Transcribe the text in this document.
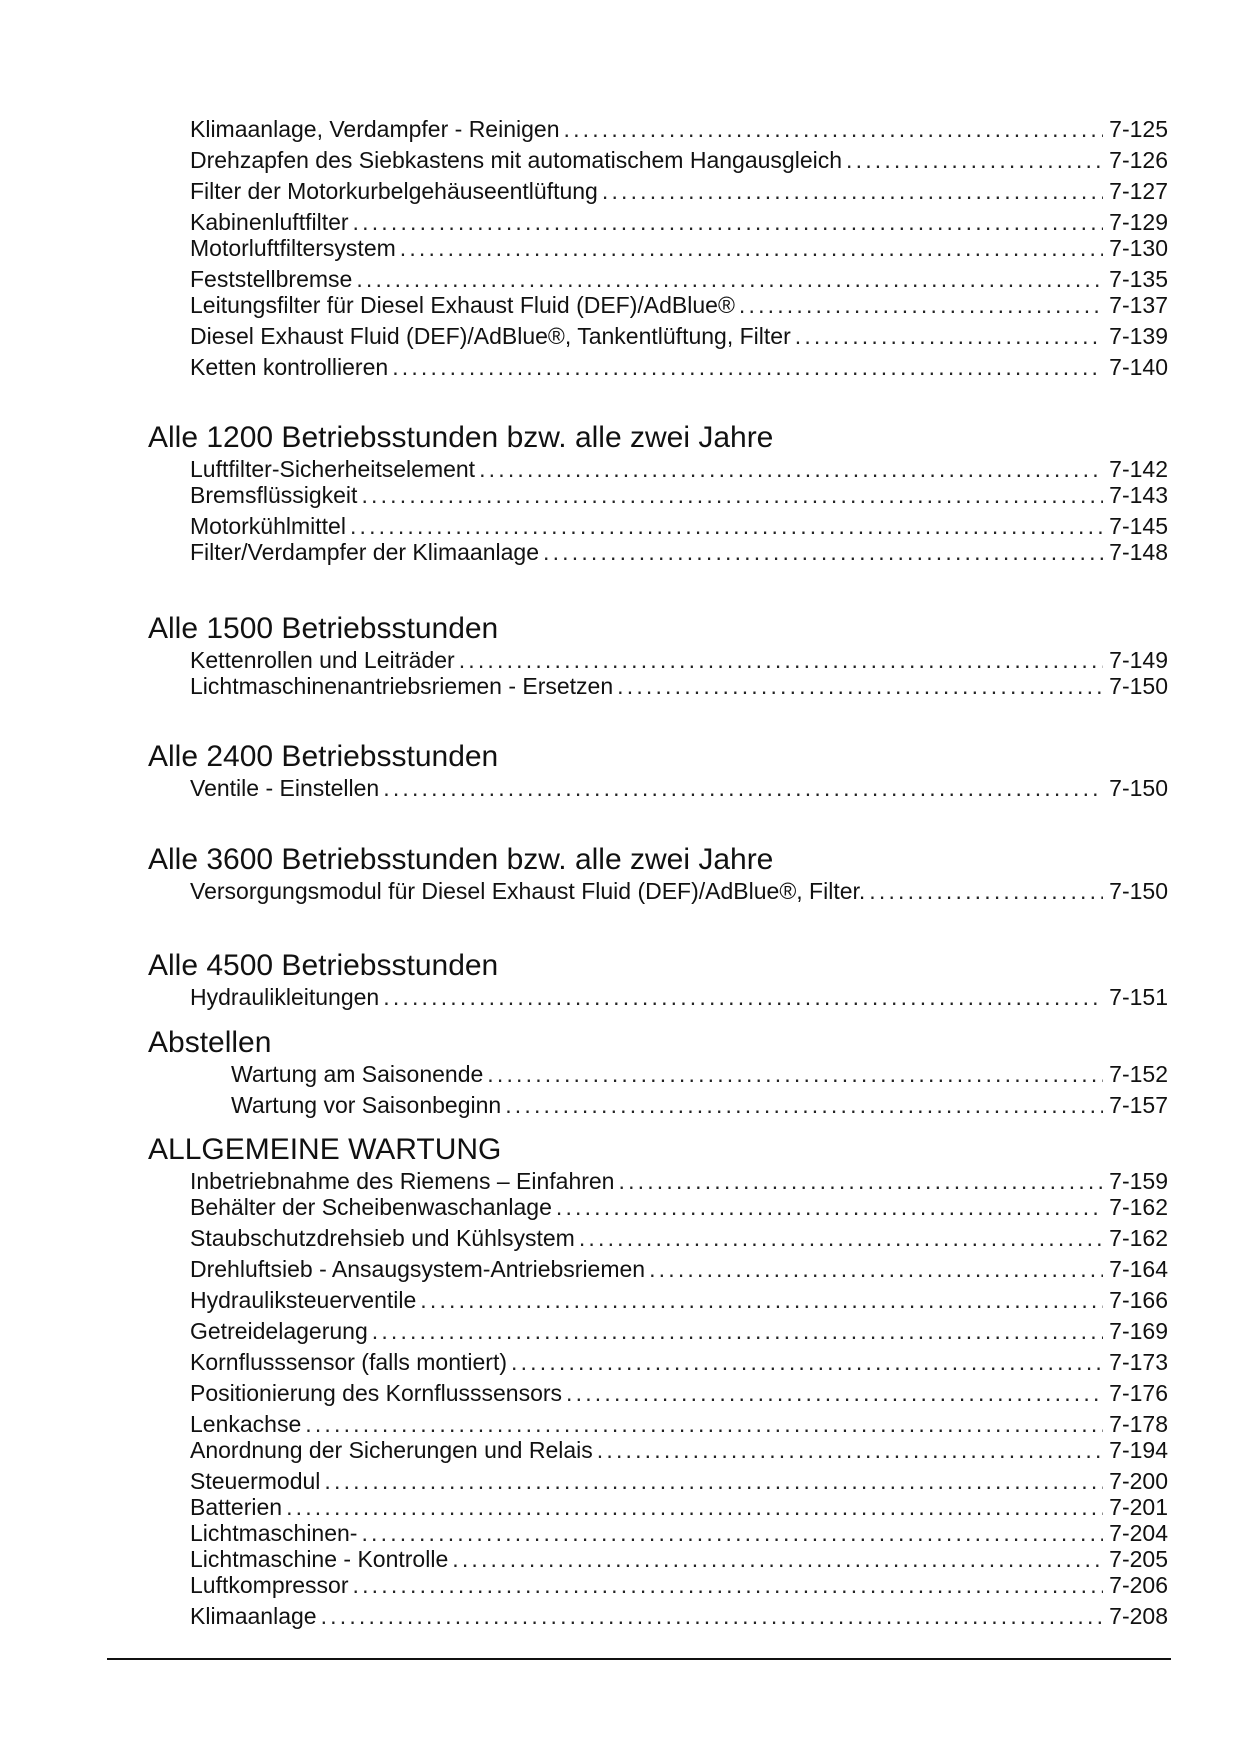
Klimaanlage, Verdampfer - Reinigen . . .	7-125
Drehzapfen des Siebkastens mit automatischem Hangausgleich . . .	7-126
Filter der Motorkurbelgehäuseentlüftung . . .	7-127
Kabinenluftfilter . . .	7-129
Motorluftfiltersystem . . .	7-130
Feststellbremse . . .	7-135
Leitungsfilter für Diesel Exhaust Fluid (DEF)/AdBlue® . . .	7-137
Diesel Exhaust Fluid (DEF)/AdBlue®, Tankentlüftung, Filter . . .	7-139
Ketten kontrollieren . . .	7-140
Alle 1200 Betriebsstunden bzw. alle zwei Jahre
Luftfilter-Sicherheitselement . . .	7-142
Bremsflüssigkeit . . .	7-143
Motorkühlmittel . . .	7-145
Filter/Verdampfer der Klimaanlage . . .	7-148
Alle 1500 Betriebsstunden
Kettenrollen und Leiträder . . .	7-149
Lichtmaschinenantriebsriemen - Ersetzen . . .	7-150
Alle 2400 Betriebsstunden
Ventile - Einstellen . . .	7-150
Alle 3600 Betriebsstunden bzw. alle zwei Jahre
Versorgungsmodul für Diesel Exhaust Fluid (DEF)/AdBlue®, Filter. . . .	7-150
Alle 4500 Betriebsstunden
Hydraulikleitungen . . .	7-151
Abstellen
Wartung am Saisonende . . .	7-152
Wartung vor Saisonbeginn . . .	7-157
ALLGEMEINE WARTUNG
Inbetriebnahme des Riemens – Einfahren . . .	7-159
Behälter der Scheibenwaschanlage . . .	7-162
Staubschutzdrehsieb und Kühlsystem . . .	7-162
Drehluftsieb - Ansaugsystem-Antriebsriemen . . .	7-164
Hydrauliksteuerventile . . .	7-166
Getreidelagerung . . .	7-169
Kornflusssensor (falls montiert) . . .	7-173
Positionierung des Kornflusssensors . . .	7-176
Lenkachse . . .	7-178
Anordnung der Sicherungen und Relais . . .	7-194
Steuermodul . . .	7-200
Batterien . . .	7-201
Lichtmaschinen- . . .	7-204
Lichtmaschine - Kontrolle . . .	7-205
Luftkompressor . . .	7-206
Klimaanlage . . .	7-208
